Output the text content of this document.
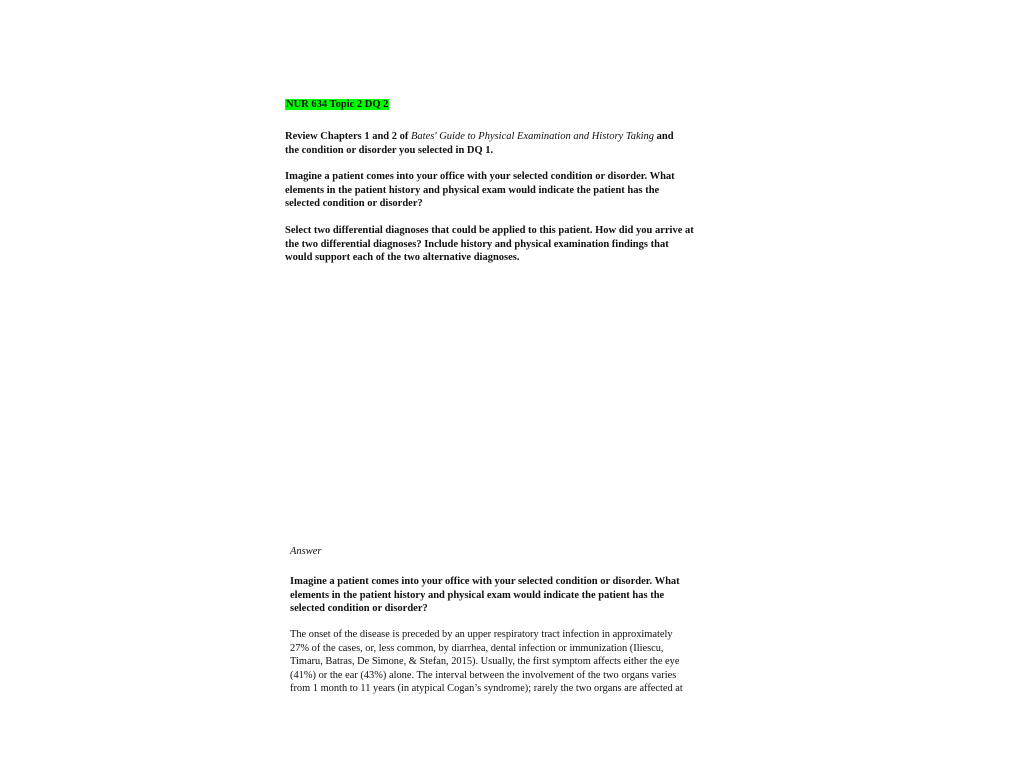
NUR 634 Topic 2 DQ 2
Review Chapters 1 and 2 of Bates' Guide to Physical Examination and History Taking and
the condition or disorder you selected in DQ 1.
Imagine a patient comes into your office with your selected condition or disorder. What
elements in the patient history and physical exam would indicate the patient has the
selected condition or disorder?
Select two differential diagnoses that could be applied to this patient. How did you arrive at
the two differential diagnoses? Include history and physical examination findings that
would support each of the two alternative diagnoses.
Answer
Imagine a patient comes into your office with your selected condition or disorder. What
elements in the patient history and physical exam would indicate the patient has the
selected condition or disorder?
The onset of the disease is preceded by an upper respiratory tract infection in approximately
27% of the cases, or, less common, by diarrhea, dental infection or immunization (Iliescu,
Timaru, Batras, De Simone, & Stefan, 2015). Usually, the first symptom affects either the eye
(41%) or the ear (43%) alone. The interval between the involvement of the two organs varies
from 1 month to 11 years (in atypical Cogan’s syndrome); rarely the two organs are affected at
